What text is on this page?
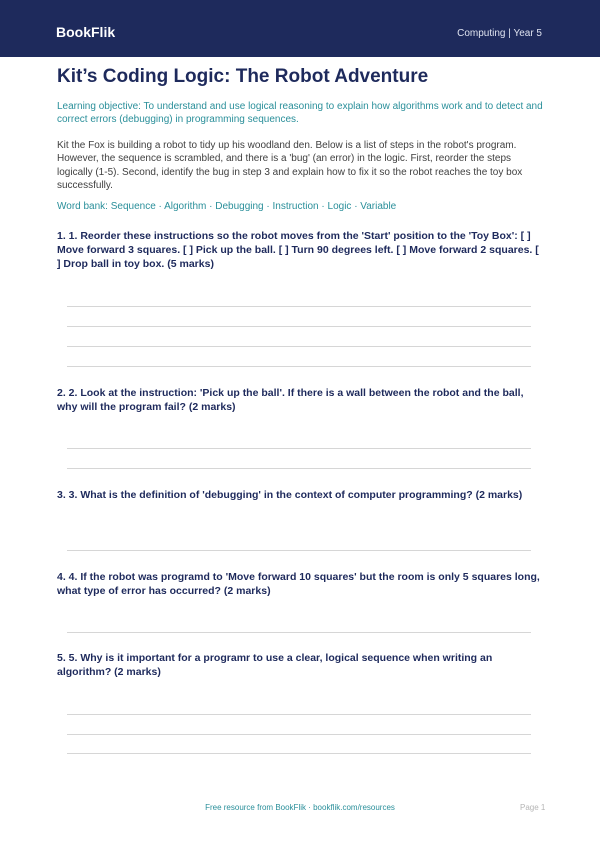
BookFlik	Computing | Year 5
Kit’s Coding Logic: The Robot Adventure
Learning objective: To understand and use logical reasoning to explain how algorithms work and to detect and correct errors (debugging) in programming sequences.
Kit the Fox is building a robot to tidy up his woodland den. Below is a list of steps in the robot's program. However, the sequence is scrambled, and there is a 'bug' (an error) in the logic. First, reorder the steps logically (1-5). Second, identify the bug in step 3 and explain how to fix it so the robot reaches the toy box successfully.
Word bank: Sequence · Algorithm · Debugging · Instruction · Logic · Variable
1. 1. Reorder these instructions so the robot moves from the 'Start' position to the 'Toy Box': [ ] Move forward 3 squares. [ ] Pick up the ball. [ ] Turn 90 degrees left. [ ] Move forward 2 squares. [ ] Drop ball in toy box. (5 marks)
2. 2. Look at the instruction: 'Pick up the ball'. If there is a wall between the robot and the ball, why will the program fail? (2 marks)
3. 3. What is the definition of 'debugging' in the context of computer programming? (2 marks)
4. 4. If the robot was programd to 'Move forward 10 squares' but the room is only 5 squares long, what type of error has occurred? (2 marks)
5. 5. Why is it important for a programr to use a clear, logical sequence when writing an algorithm? (2 marks)
Free resource from BookFlik · bookflik.com/resources	Page 1
